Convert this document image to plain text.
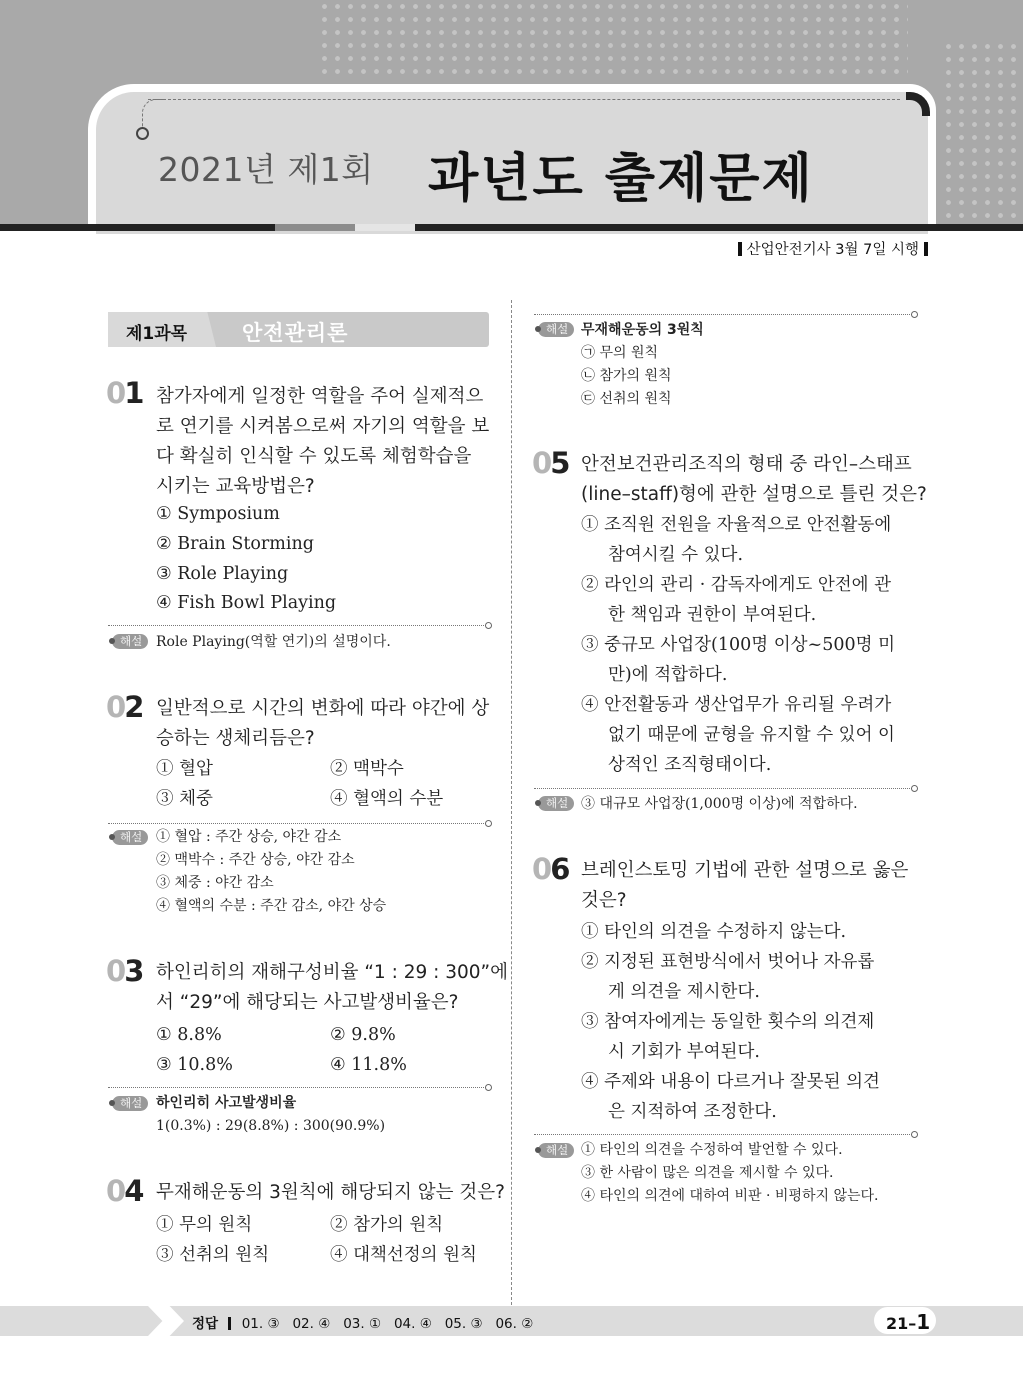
2021년 제1회 과년도 출제문제
산업안전기사 3월 7일 시행
제1과목	안전관리론
01 참가자에게 일정한 역할을 주어 실제적으
로 연기를 시켜봄으로써 자기의 역할을 보
다 확실히 인식할 수 있도록 체험학습을
시키는 교육방법은?
① Symposium
② Brain Storming
③ Role Playing
④ Fish Bowl Playing
해설 Role Playing(역할 연기)의 설명이다.
02 일반적으로 시간의 변화에 따라 야간에 상
승하는 생체리듬은?
① 혈압	② 맥박수
③ 체중	④ 혈액의 수분
해설 ① 혈압 : 주간 상승, 야간 감소
② 맥박수 : 주간 상승, 야간 감소
③ 체중 : 야간 감소
④ 혈액의 수분 : 주간 감소, 야간 상승
03 하인리히의 재해구성비율 “1 : 29 : 300”에
서 “29”에 해당되는 사고발생비율은?
① 8.8%	② 9.8%
③ 10.8%	④ 11.8%
해설 하인리히 사고발생비율
1(0.3%) : 29(8.8%) : 300(90.9%)
04 무재해운동의 3원칙에 해당되지 않는 것은?
① 무의 원칙	② 참가의 원칙
③ 선취의 원칙	④ 대책선정의 원칙
해설 무재해운동의 3원칙
㉠ 무의 원칙
㉡ 참가의 원칙
㉢ 선취의 원칙
05 안전보건관리조직의 형태 중 라인–스태프
(line–staff)형에 관한 설명으로 틀린 것은?
① 조직원 전원을 자율적으로 안전활동에
참여시킬 수 있다.
② 라인의 관리 · 감독자에게도 안전에 관
한 책임과 권한이 부여된다.
③ 중규모 사업장(100명 이상~500명 미
만)에 적합하다.
④ 안전활동과 생산업무가 유리될 우려가
없기 때문에 균형을 유지할 수 있어 이
상적인 조직형태이다.
해설 ③ 대규모 사업장(1,000명 이상)에 적합하다.
06 브레인스토밍 기법에 관한 설명으로 옳은
것은?
① 타인의 의견을 수정하지 않는다.
② 지정된 표현방식에서 벗어나 자유롭
게 의견을 제시한다.
③ 참여자에게는 동일한 횟수의 의견제
시 기회가 부여된다.
④ 주제와 내용이 다르거나 잘못된 의견
은 지적하여 조정한다.
해설 ① 타인의 의견을 수정하여 발언할 수 있다.
③ 한 사람이 많은 의견을 제시할 수 있다.
④ 타인의 의견에 대하여 비판 · 비평하지 않는다.
정답 01. ③ 02. ④ 03. ① 04. ④ 05. ③ 06. ②	21–1
